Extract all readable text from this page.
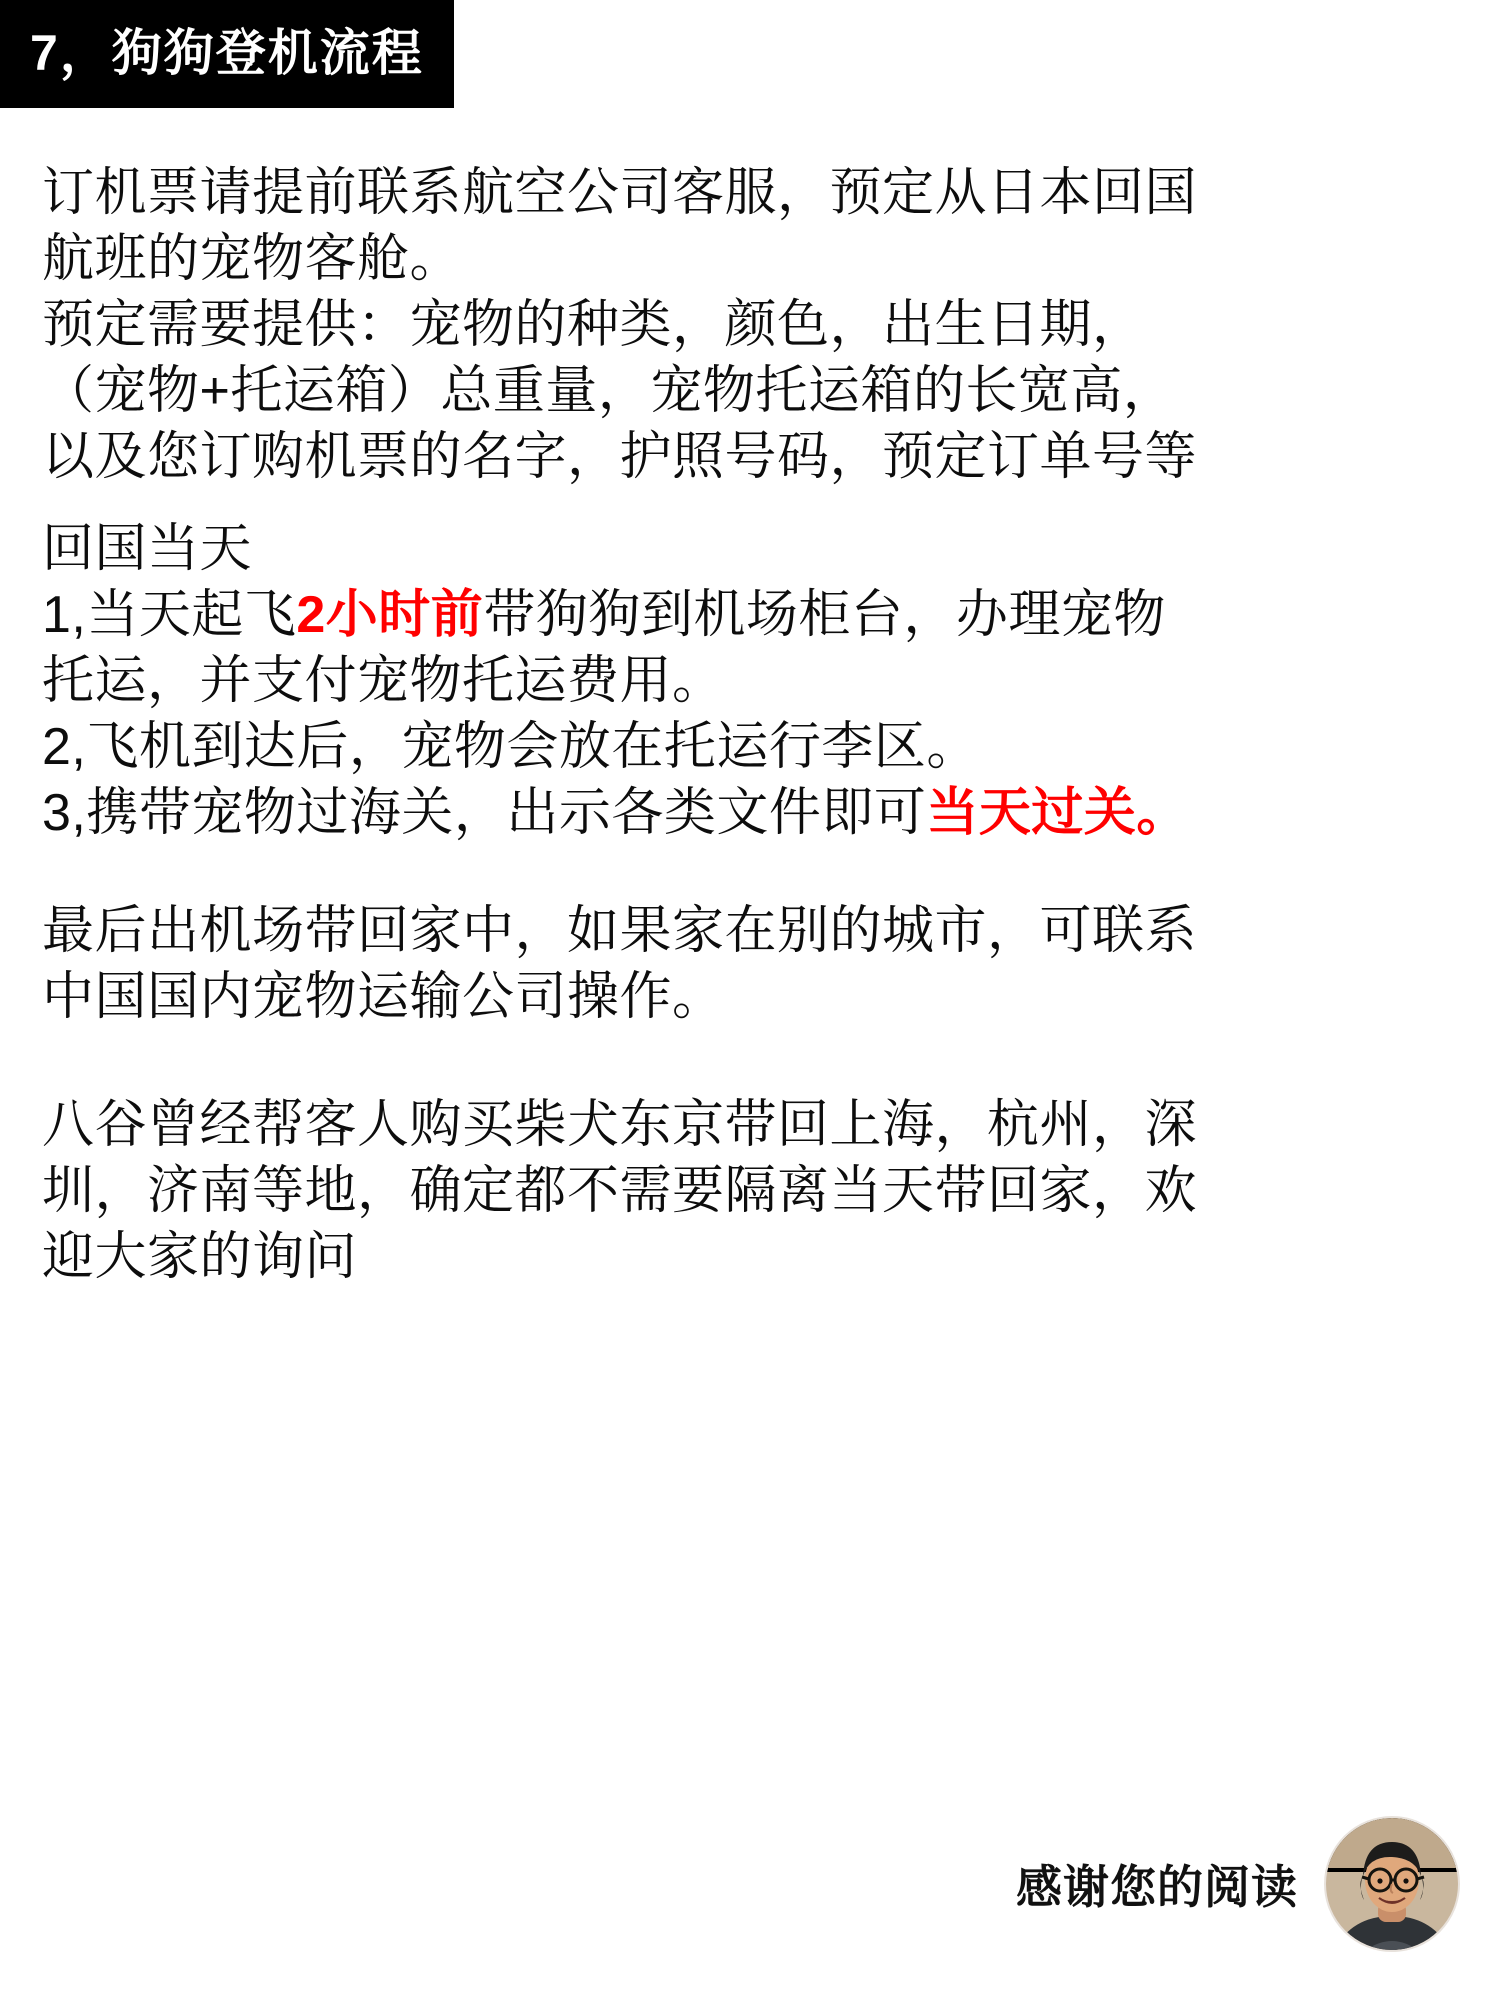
7，狗狗登机流程

订机票请提前联系航空公司客服，预定从日本回国

航班的宠物客舱。

预定需要提供：宠物的种类，颜色，出生日期，

（宠物+托运箱）总重量，宠物托运箱的长宽高，

以及您订购机票的名字，护照号码，预定订单号等

回国当天

1,当天起飞2小时前带狗狗到机场柜台，办理宠物

托运，并支付宠物托运费用。

2,飞机到达后，宠物会放在托运行李区。

3,携带宠物过海关，出示各类文件即可当天过关。

最后出机场带回家中，如果家在别的城市，可联系

中国国内宠物运输公司操作。

八谷曾经帮客人购买柴犬东京带回上海，杭州，深

圳，济南等地，确定都不需要隔离当天带回家，欢

迎大家的询问

感谢您的阅读
